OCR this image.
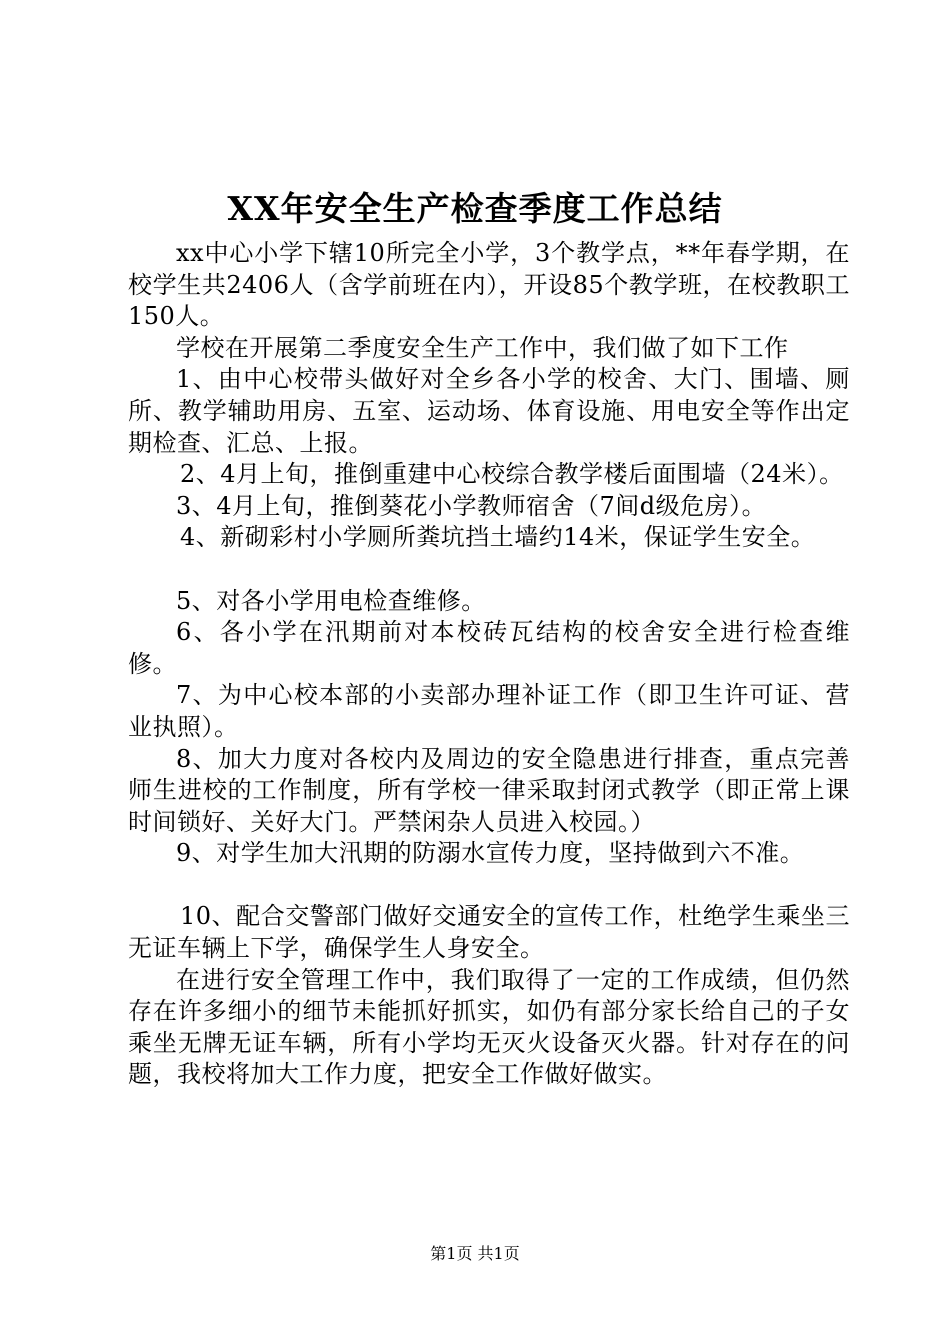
XX年安全生产检查季度工作总结

xx中心小学下辖10所完全小学，3个教学点，**年春学期，在校学生共2406人（含学前班在内），开设85个教学班，在校教职工150人。

学校在开展第二季度安全生产工作中，我们做了如下工作

1、由中心校带头做好对全乡各小学的校舍、大门、围墙、厕所、教学辅助用房、五室、运动场、体育设施、用电安全等作出定期检查、汇总、上报。

2、4月上旬，推倒重建中心校综合教学楼后面围墙（24米）。

3、4月上旬，推倒葵花小学教师宿舍（7间d级危房）。

4、新砌彩村小学厕所粪坑挡土墙约14米，保证学生安全。

5、对各小学用电检查维修。

6、各小学在汛期前对本校砖瓦结构的校舍安全进行检查维修。

7、为中心校本部的小卖部办理补证工作（即卫生许可证、营业执照）。

8、加大力度对各校内及周边的安全隐患进行排查，重点完善师生进校的工作制度，所有学校一律采取封闭式教学（即正常上课时间锁好、关好大门。严禁闲杂人员进入校园。）

9、对学生加大汛期的防溺水宣传力度，坚持做到六不准。

10、配合交警部门做好交通安全的宣传工作，杜绝学生乘坐三无证车辆上下学，确保学生人身安全。

在进行安全管理工作中，我们取得了一定的工作成绩，但仍然存在许多细小的细节未能抓好抓实，如仍有部分家长给自己的子女乘坐无牌无证车辆，所有小学均无灭火设备灭火器。针对存在的问题，我校将加大工作力度，把安全工作做好做实。

第1页 共1页
